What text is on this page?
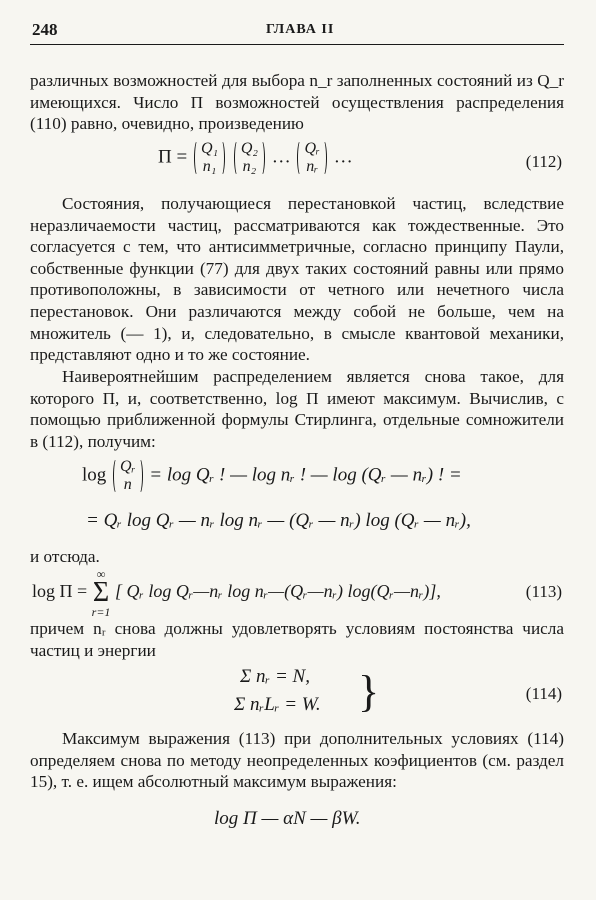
248	ГЛАВА II

различных возможностей для выбора n_r заполненных состояний из Q_r имеющихся. Число Π возможностей осуществления распределения (110) равно, очевидно, произведению

Π = Q₁
n₁

Q₂
n₂ … Qᵣ
nᵣ …	(112)

Состояния, получающиеся перестановкой частиц, вследствие неразличаемости частиц, рассматриваются как тождественные. Это согласуется с тем, что антисимметричные, согласно принципу Паули, собственные функции (77) для двух таких состояний равны или прямо противоположны, в зависимости от четного или нечетного числа перестановок. Они различаются между собой не больше, чем на множитель (— 1), и, следовательно, в смысле квантовой механики, представляют одно и то же состояние.

Наивероятнейшим распределением является снова такое, для которого Π, и, соответственно, log Π имеют максимум. Вычислив, с помощью приближенной формулы Стирлинга, отдельные сомножители в (112), получим:

log Qᵣ
n = log Qᵣ ! — log nᵣ ! — log (Qᵣ — nᵣ) ! =
= Qᵣ log Qᵣ — nᵣ log nᵣ — (Qᵣ — nᵣ) log (Qᵣ — nᵣ),

и отсюда.

log Π =
∞
Σ
r=1
[ Qᵣ log Qᵣ—nᵣ log nᵣ—(Qᵣ—nᵣ) log(Qᵣ—nᵣ)],	(113)

причем nᵣ снова должны удовлетворять условиям постоянства числа частиц и энергии

Σ nᵣ = N,
Σ nᵣLᵣ = W. }	(114)

Максимум выражения (113) при дополнительных условиях (114) определяем снова по методу неопределенных коэфициентов (см. раздел 15), т. е. ищем абсолютный максимум выражения:

log Π — αN — βW.
